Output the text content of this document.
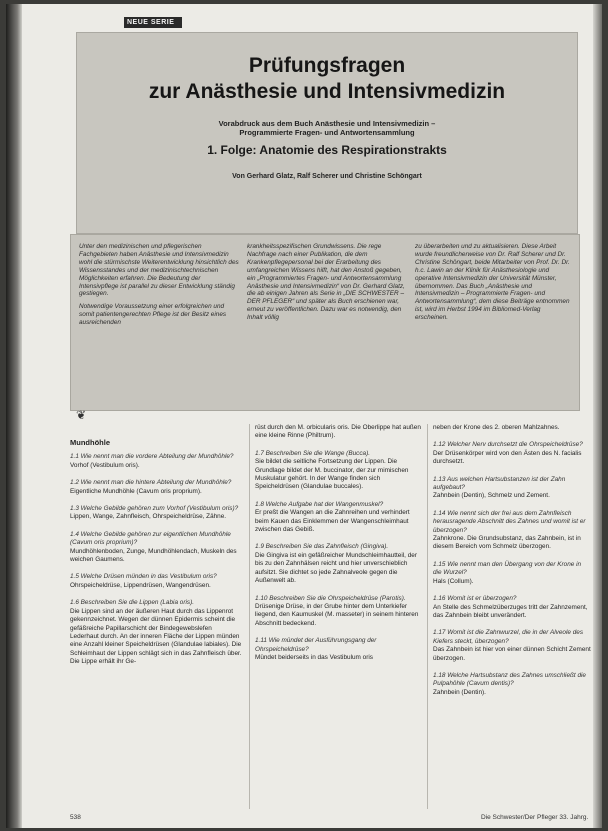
NEUE SERIE
Prüfungsfragen
zur Anästhesie und Intensivmedizin
Vorabdruck aus dem Buch Anästhesie und Intensivmedizin –
Programmierte Fragen- und Antwortensammlung
1. Folge: Anatomie des Respirationstrakts
Von Gerhard Glatz, Ralf Scherer und Christine Schöngart

Unter den medizinischen und pflegerischen Fachgebieten haben Anästhesie und Intensivmedizin wohl die stürmischste Weiterentwicklung hinsichtlich des Wissensstandes und der medizinischtechnischen Möglichkeiten erfahren. Die Bedeutung der Intensivpflege ist parallel zu dieser Entwicklung ständig gestiegen.

Notwendige Voraussetzung einer erfolgreichen und somit patientengerechten Pflege ist der Besitz eines ausreichenden

krankheitsspezifischen Grundwissens. Die rege Nachfrage nach einer Publikation, die dem Krankenpflegepersonal bei der Erarbeitung des umfangreichen Wissens hilft, hat den Anstoß gegeben, ein „Programmiertes Fragen- und Antwortensammlung Anästhesie und Intensivmedizin“ von Dr. Gerhard Glatz, die ab einigen Jahren als Serie in „DIE SCHWESTER – DER PFLEGER“ und später als Buch erschienen war, erneut zu veröffentlichen. Dazu war es notwendig, den Inhalt völlig

zu überarbeiten und zu aktualisieren. Diese Arbeit wurde freundlicherweise von Dr. Ralf Scherer und Dr. Christine Schöngart, beide Mitarbeiter von Prof. Dr. Dr. h.c. Lawin an der Klinik für Anästhesiologie und operative Intensivmedizin der Universität Münster, übernommen. Das Buch „Anästhesie und Intensivmedizin – Programmierte Fragen- und Antwortensammlung“, dem diese Beiträge entnommen ist, wird im Herbst 1994 im Bibliomed-Verlag erscheinen.

❦
Mundhöhle

1.1 Wie nennt man die vordere Abteilung der Mundhöhle?

Vorhof (Vestibulum oris).

1.2 Wie nennt man die hintere Abteilung der Mundhöhle?

Eigentliche Mundhöhle (Cavum oris proprium).

1.3 Welche Gebilde gehören zum Vorhof (Vestibulum oris)?

Lippen, Wange, Zahnfleisch, Ohrspeicheldrüse, Zähne.

1.4 Welche Gebilde gehören zur eigentlichen Mundhöhle (Cavum oris proprium)?

Mundhöhlenboden, Zunge, Mundhöhlendach, Muskeln des weichen Gaumens.

1.5 Welche Drüsen münden in das Vestibulum oris?

Ohrspeicheldrüse, Lippendrüsen, Wangendrüsen.

1.6 Beschreiben Sie die Lippen (Labia oris).

Die Lippen sind an der äußeren Haut durch das Lippenrot gekennzeichnet. Wegen der dünnen Epidermis scheint die gefäßreiche Papillarschicht der Bindegewebslefen Lederhaut durch. An der inneren Fläche der Lippen münden eine Anzahl kleiner Speicheldrüsen (Glandulae labiales). Die Schleimhaut der Lippen schlägt sich in das Zahnfleisch über. Die Lippe erhält ihr Ge-

rüst durch den M. orbicularis oris. Die Oberlippe hat außen eine kleine Rinne (Philtrum).

1.7 Beschreiben Sie die Wange (Bucca).

Sie bildet die seitliche Fortsetzung der Lippen. Die Grundlage bildet der M. buccinator, der zur mimischen Muskulatur gehört. In der Wange finden sich Speicheldrüsen (Glandulae buccales).

1.8 Welche Aufgabe hat der Wangenmuskel?

Er preßt die Wangen an die Zahnreihen und verhindert beim Kauen das Einklemmen der Wangenschleimhaut zwischen das Gebiß.

1.9 Beschreiben Sie das Zahnfleisch (Gingiva).

Die Gingiva ist ein gefäßreicher Mundschleimhautteil, der bis zu den Zahnhälsen reicht und hier unverschieblich aufsitzt. Sie dichtet so jede Zahnalveole gegen die Außenwelt ab.

1.10 Beschreiben Sie die Ohrspeicheldrüse (Parotis).

Drüsenige Drüse, in der Grube hinter dem Unterkiefer liegend, den Kaumuskel (M. masseter) in seinem hinteren Abschnitt bedeckend.

1.11 Wie mündet der Ausführungsgang der Ohrspeicheldrüse?

Mündet beiderseits in das Vestibulum oris

neben der Krone des 2. oberen Mahlzahnes.

1.12 Welcher Nerv durchsetzt die Ohrspeicheldrüse?

Der Drüsenkörper wird von den Ästen des N. facialis durchsetzt.

1.13 Aus welchen Hartsubstanzen ist der Zahn aufgebaut?

Zahnbein (Dentin), Schmelz und Zement.

1.14 Wie nennt sich der frei aus dem Zahnfleisch herausragende Abschnitt des Zahnes und womit ist er überzogen?

Zahnkrone. Die Grundsubstanz, das Zahnbein, ist in diesem Bereich vom Schmelz überzogen.

1.15 Wie nennt man den Übergang von der Krone in die Wurzel?

Hals (Collum).

1.16 Womit ist er überzogen?

An Stelle des Schmelzüberzuges tritt der Zahnzement, das Zahnbein bleibt unverändert.

1.17 Womit ist die Zahnwurzel, die in der Alveole des Kiefers steckt, überzogen?

Das Zahnbein ist hier von einer dünnen Schicht Zement überzogen.

1.18 Welche Hartsubstanz des Zahnes umschließt die Pulpahöhle (Cavum dentis)?

Zahnbein (Dentin).

538	Die Schwester/Der Pfleger 33. Jahrg.
